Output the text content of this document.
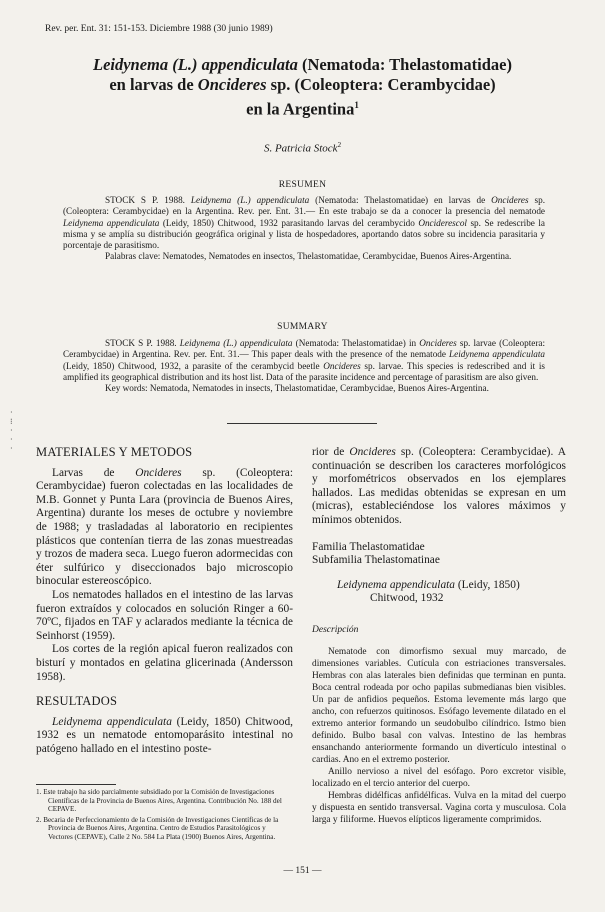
Rev. per. Ent. 31: 151-153. Diciembre 1988 (30 junio 1989)
Leidynema (L.) appendiculata (Nematoda: Thelastomatidae)
en larvas de Oncideres sp. (Coleoptera: Cerambycidae)
en la Argentina$^1$
S. Patricia Stock$^2$
RESUMEN

STOCK S P. 1988. Leidynema (L.) appendiculata (Nematoda: Thelastomatidae) en larvas de Oncideres sp. (Coleoptera: Cerambycidae) en la Argentina. Rev. per. Ent. 31.— En este trabajo se da a conocer la presencia del nematode Leidynema appendiculata (Leidy, 1850) Chitwood, 1932 parasitando larvas del cerambycido Onciderescol sp. Se redescribe la misma y se amplía su distribución geográfica original y lista de hospedadores, aportando datos sobre su incidencia parasitaria y porcentaje de parasitismo.

Palabras clave: Nematodes, Nematodes en insectos, Thelastomatidae, Cerambycidae, Buenos Aires-Argentina.

SUMMARY

STOCK S P. 1988. Leidynema (L.) appendiculata (Nematoda: Thelastomatidae) in Oncideres sp. larvae (Coleoptera: Cerambycidae) in Argentina. Rev. per. Ent. 31.— This paper deals with the presence of the nematode Leidynema appendiculata (Leidy, 1850) Chitwood, 1932, a parasite of the cerambycid beetle Oncideres sp. larvae. This species is redescribed and it is amplified its geographical distribution and its host list. Data of the parasite incidence and percentage of parasitism are also given.

Key words: Nematoda, Nematodes in insects, Thelastomatidae, Cerambycidae, Buenos Aires-Argentina.

·
⁝
·
·
· MATERIALES Y METODOS

Larvas de Oncideres sp. (Coleoptera: Cerambycidae) fueron colectadas en las localidades de M.B. Gonnet y Punta Lara (provincia de Buenos Aires, Argentina) durante los meses de octubre y noviembre de 1988; y trasladadas al laboratorio en recipientes plásticos que contenían tierra de las zonas muestreadas y trozos de madera seca. Luego fueron adormecidas con éter sulfúrico y diseccionados bajo microscopio binocular estereoscópico.

Los nematodes hallados en el intestino de las larvas fueron extraídos y colocados en solución Ringer a 60-70ºC, fijados en TAF y aclarados mediante la técnica de Seinhorst (1959).

Los cortes de la región apical fueron realizados con bisturí y montados en gelatina glicerinada (Andersson 1958).

RESULTADOS

Leidynema appendiculata (Leidy, 1850) Chitwood, 1932 es un nematode entomoparásito intestinal no patógeno hallado en el intestino poste-

1. Este trabajo ha sido parcialmente subsidiado por la Comisión de Investigaciones Científicas de la Provincia de Buenos Aires, Argentina. Contribución No. 188 del CEPAVE.

2. Becaria de Perfeccionamiento de la Comisión de Investigaciones Científicas de la Provincia de Buenos Aires, Argentina. Centro de Estudios Parasitológicos y Vectores (CEPAVE), Calle 2 No. 584 La Plata (1900) Buenos Aires, Argentina.

rior de Oncideres sp. (Coleoptera: Cerambycidae). A continuación se describen los caracteres morfológicos y morfométricos observados en los ejemplares hallados. Las medidas obtenidas se expresan en um (micras), estableciéndose los valores máximos y mínimos obtenidos.

Familia Thelastomatidae
Subfamilia Thelastomatinae
Leidynema appendiculata (Leidy, 1850)
Chitwood, 1932
Descripción

Nematode con dimorfismo sexual muy marcado, de dimensiones variables. Cutícula con estriaciones transversales. Hembras con alas laterales bien definidas que terminan en punta. Boca central rodeada por ocho papilas submedianas bien visibles. Un par de anfidios pequeños. Estoma levemente más largo que ancho, con refuerzos quitinosos. Esófago levemente dilatado en el extremo anterior formando un seudobulbo cilíndrico. Istmo bien definido. Bulbo basal con valvas. Intestino de las hembras ensanchando anteriormente formando un divertículo intestinal o cardias. Ano en el extremo posterior.

Anillo nervioso a nivel del esófago. Poro excretor visible, localizado en el tercio anterior del cuerpo.

Hembras didélficas anfidélficas. Vulva en la mitad del cuerpo y dispuesta en sentido transversal. Vagina corta y musculosa. Cola larga y filiforme. Huevos elípticos ligeramente comprimidos.

— 151 —
